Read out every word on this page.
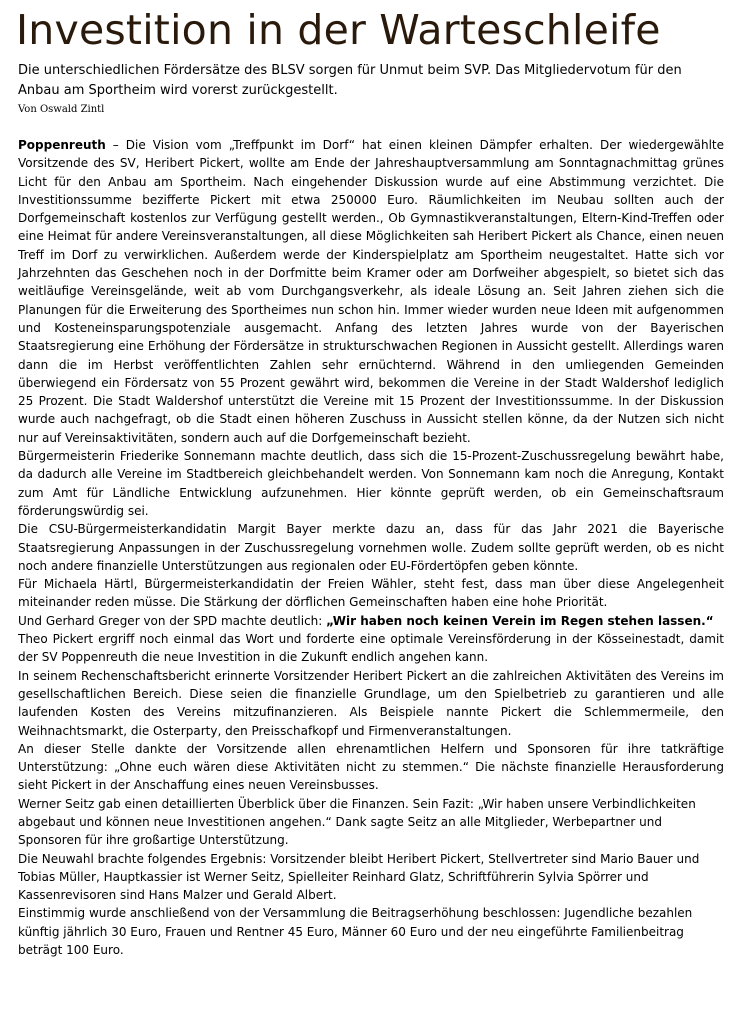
Investition in der Warteschleife

Die unterschiedlichen Fördersätze des BLSV sorgen für Unmut beim SVP. Das Mitgliedervotum für den Anbau am Sportheim wird vorerst zurückgestellt.

Von Oswald Zintl

Poppenreuth – Die Vision vom „Treffpunkt im Dorf“ hat einen kleinen Dämpfer erhalten. Der wiedergewählte Vorsitzende des SV, Heribert Pickert, wollte am Ende der Jahreshauptversammlung am Sonntagnachmittag grünes Licht für den Anbau am Sportheim. Nach eingehender Diskussion wurde auf eine Abstimmung verzichtet. Die Investitionssumme bezifferte Pickert mit etwa 250000 Euro. Räumlichkeiten im Neubau sollten auch der Dorfgemeinschaft kostenlos zur Verfügung gestellt werden., Ob Gymnastikveranstaltungen, Eltern-Kind-Treffen oder eine Heimat für andere Vereinsveranstaltungen, all diese Möglichkeiten sah Heribert Pickert als Chance, einen neuen Treff im Dorf zu verwirklichen. Außerdem werde der Kinderspielplatz am Sportheim neugestaltet. Hatte sich vor Jahrzehnten das Geschehen noch in der Dorfmitte beim Kramer oder am Dorfweiher abgespielt, so bietet sich das weitläufige Vereinsgelände, weit ab vom Durchgangsverkehr, als ideale Lösung an. Seit Jahren ziehen sich die Planungen für die Erweiterung des Sportheimes nun schon hin. Immer wieder wurden neue Ideen mit aufgenommen und Kosteneinsparungspotenziale ausgemacht. Anfang des letzten Jahres wurde von der Bayerischen Staatsregierung eine Erhöhung der Fördersätze in strukturschwachen Regionen in Aussicht gestellt. Allerdings waren dann die im Herbst veröffentlichten Zahlen sehr ernüchternd. Während in den umliegenden Gemeinden überwiegend ein Fördersatz von 55 Prozent gewährt wird, bekommen die Vereine in der Stadt Waldershof lediglich 25 Prozent. Die Stadt Waldershof unterstützt die Vereine mit 15 Prozent der Investitionssumme. In der Diskussion wurde auch nachgefragt, ob die Stadt einen höheren Zuschuss in Aussicht stellen könne, da der Nutzen sich nicht nur auf Vereinsaktivitäten, sondern auch auf die Dorfgemeinschaft bezieht.

Bürgermeisterin Friederike Sonnemann machte deutlich, dass sich die 15-Prozent-Zuschussregelung bewährt habe, da dadurch alle Vereine im Stadtbereich gleichbehandelt werden. Von Sonnemann kam noch die Anregung, Kontakt zum Amt für Ländliche Entwicklung aufzunehmen. Hier könnte geprüft werden, ob ein Gemeinschaftsraum förderungswürdig sei.

Die CSU-Bürgermeisterkandidatin Margit Bayer merkte dazu an, dass für das Jahr 2021 die Bayerische Staatsregierung Anpassungen in der Zuschussregelung vornehmen wolle. Zudem sollte geprüft werden, ob es nicht noch andere finanzielle Unterstützungen aus regionalen oder EU-Fördertöpfen geben könnte.

Für Michaela Härtl, Bürgermeisterkandidatin der Freien Wähler, steht fest, dass man über diese Angelegenheit miteinander reden müsse. Die Stärkung der dörflichen Gemeinschaften haben eine hohe Priorität.

Und Gerhard Greger von der SPD machte deutlich: „Wir haben noch keinen Verein im Regen stehen lassen.“

Theo Pickert ergriff noch einmal das Wort und forderte eine optimale Vereinsförderung in der Kösseinestadt, damit der SV Poppenreuth die neue Investition in die Zukunft endlich angehen kann.

In seinem Rechenschaftsbericht erinnerte Vorsitzender Heribert Pickert an die zahlreichen Aktivitäten des Vereins im gesellschaftlichen Bereich. Diese seien die finanzielle Grundlage, um den Spielbetrieb zu garantieren und alle laufenden Kosten des Vereins mitzufinanzieren. Als Beispiele nannte Pickert die Schlemmermeile, den Weihnachtsmarkt, die Osterparty, den Preisschafkopf und Firmenveranstaltungen.

An dieser Stelle dankte der Vorsitzende allen ehrenamtlichen Helfern und Sponsoren für ihre tatkräftige Unterstützung: „Ohne euch wären diese Aktivitäten nicht zu stemmen.“ Die nächste finanzielle Herausforderung sieht Pickert in der Anschaffung eines neuen Vereinsbusses.

Werner Seitz gab einen detaillierten Überblick über die Finanzen. Sein Fazit: „Wir haben unsere Verbindlichkeiten abgebaut und können neue Investitionen angehen.“ Dank sagte Seitz an alle Mitglieder, Werbepartner und Sponsoren für ihre großartige Unterstützung.

Die Neuwahl brachte folgendes Ergebnis: Vorsitzender bleibt Heribert Pickert, Stellvertreter sind Mario Bauer und Tobias Müller, Hauptkassier ist Werner Seitz, Spielleiter Reinhard Glatz, Schriftführerin Sylvia Spörrer und Kassenrevisoren sind Hans Malzer und Gerald Albert.

Einstimmig wurde anschließend von der Versammlung die Beitragserhöhung beschlossen: Jugendliche bezahlen künftig jährlich 30 Euro, Frauen und Rentner 45 Euro, Männer 60 Euro und der neu eingeführte Familienbeitrag beträgt 100 Euro.
